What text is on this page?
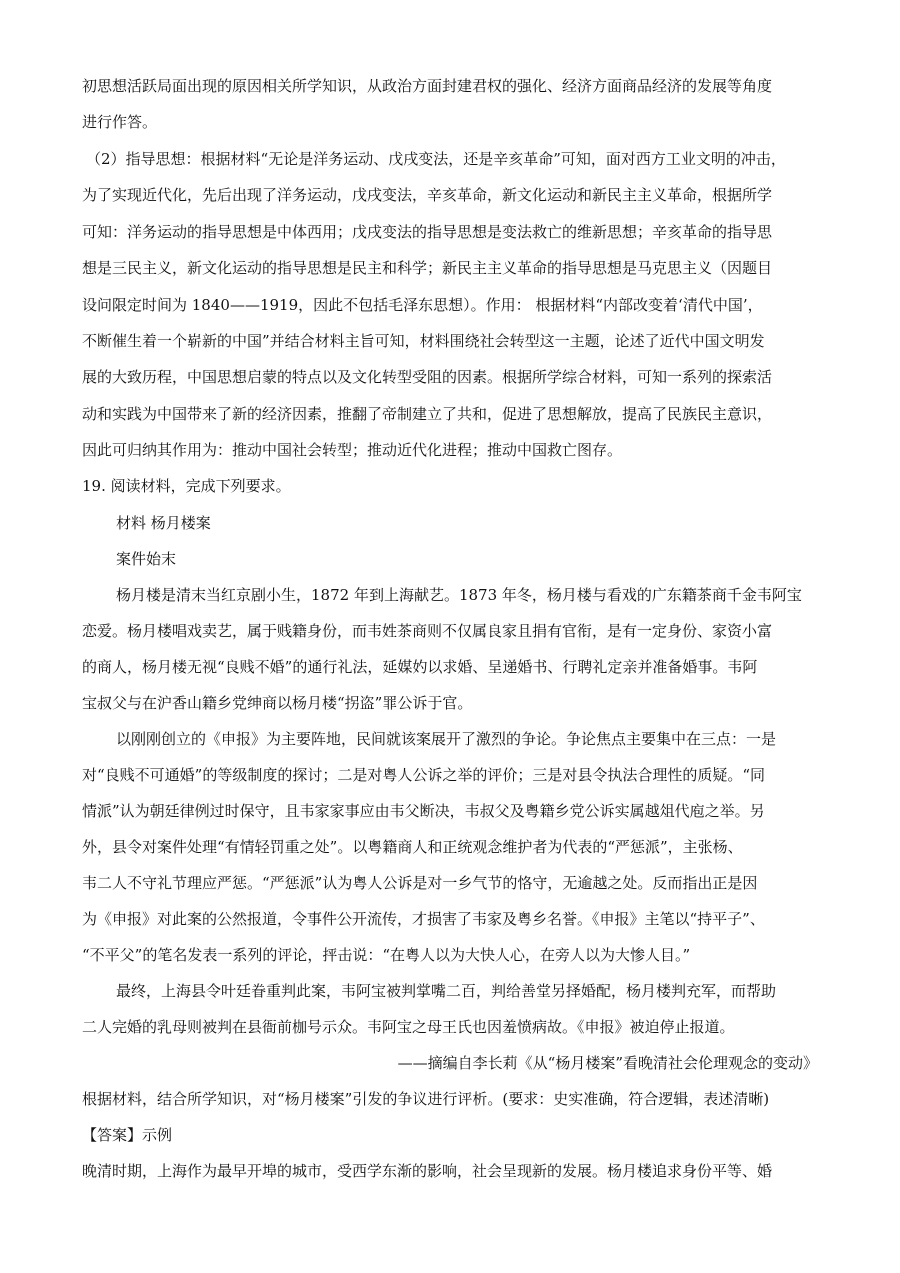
初思想活跃局面出现的原因相关所学知识，从政治方面封建君权的强化、经济方面商品经济的发展等角度

进行作答。

（2）指导思想：根据材料“无论是洋务运动、戊戌变法，还是辛亥革命”可知，面对西方工业文明的冲击，

为了实现近代化，先后出现了洋务运动，戊戌变法，辛亥革命，新文化运动和新民主主义革命，根据所学

可知：洋务运动的指导思想是中体西用；戊戌变法的指导思想是变法救亡的维新思想；辛亥革命的指导思

想是三民主义，新文化运动的指导思想是民主和科学；新民主主义革命的指导思想是马克思主义（因题目

设问限定时间为 1840——1919，因此不包括毛泽东思想）。作用： 根据材料“内部改变着‘清代中国’，

不断催生着一个崭新的中国”并结合材料主旨可知，材料围绕社会转型这一主题，论述了近代中国文明发

展的大致历程，中国思想启蒙的特点以及文化转型受阻的因素。根据所学综合材料，可知一系列的探索活

动和实践为中国带来了新的经济因素，推翻了帝制建立了共和，促进了思想解放，提高了民族民主意识，

因此可归纳其作用为：推动中国社会转型；推动近代化进程；推动中国救亡图存。

19. 阅读材料，完成下列要求。

材料 杨月楼案

案件始末

杨月楼是清末当红京剧小生，1872 年到上海献艺。1873 年冬，杨月楼与看戏的广东籍茶商千金韦阿宝

恋爱。杨月楼唱戏卖艺，属于贱籍身份，而韦姓茶商则不仅属良家且捐有官衔，是有一定身份、家资小富

的商人，杨月楼无视“良贱不婚”的通行礼法，延媒妁以求婚、呈递婚书、行聘礼定亲并准备婚事。韦阿

宝叔父与在沪香山籍乡党绅商以杨月楼“拐盗”罪公诉于官。

以刚刚创立的《申报》为主要阵地，民间就该案展开了激烈的争论。争论焦点主要集中在三点：一是

对“良贱不可通婚”的等级制度的探讨；二是对粤人公诉之举的评价；三是对县令执法合理性的质疑。“同

情派”认为朝廷律例过时保守，且韦家家事应由韦父断决，韦叔父及粤籍乡党公诉实属越俎代庖之举。另

外，县令对案件处理“有情轻罚重之处”。以粤籍商人和正统观念维护者为代表的“严惩派”，主张杨、

韦二人不守礼节理应严惩。“严惩派”认为粤人公诉是对一乡气节的恪守，无逾越之处。反而指出正是因

为《申报》对此案的公然报道，令事件公开流传，才损害了韦家及粤乡名誉。《申报》主笔以“持平子”、

“不平父”的笔名发表一系列的评论，抨击说：“在粤人以为大快人心，在旁人以为大惨人目。”

最终，上海县令叶廷眷重判此案，韦阿宝被判掌嘴二百，判给善堂另择婚配，杨月楼判充军，而帮助

二人完婚的乳母则被判在县衙前枷号示众。韦阿宝之母王氏也因羞愤病故。《申报》被迫停止报道。

——摘编自李长莉《从“杨月楼案”看晚清社会伦理观念的变动》

根据材料，结合所学知识，对“杨月楼案”引发的争议进行评析。(要求：史实准确，符合逻辑，表述清晰)

【答案】示例

晚清时期，上海作为最早开埠的城市，受西学东渐的影响，社会呈现新的发展。杨月楼追求身份平等、婚
